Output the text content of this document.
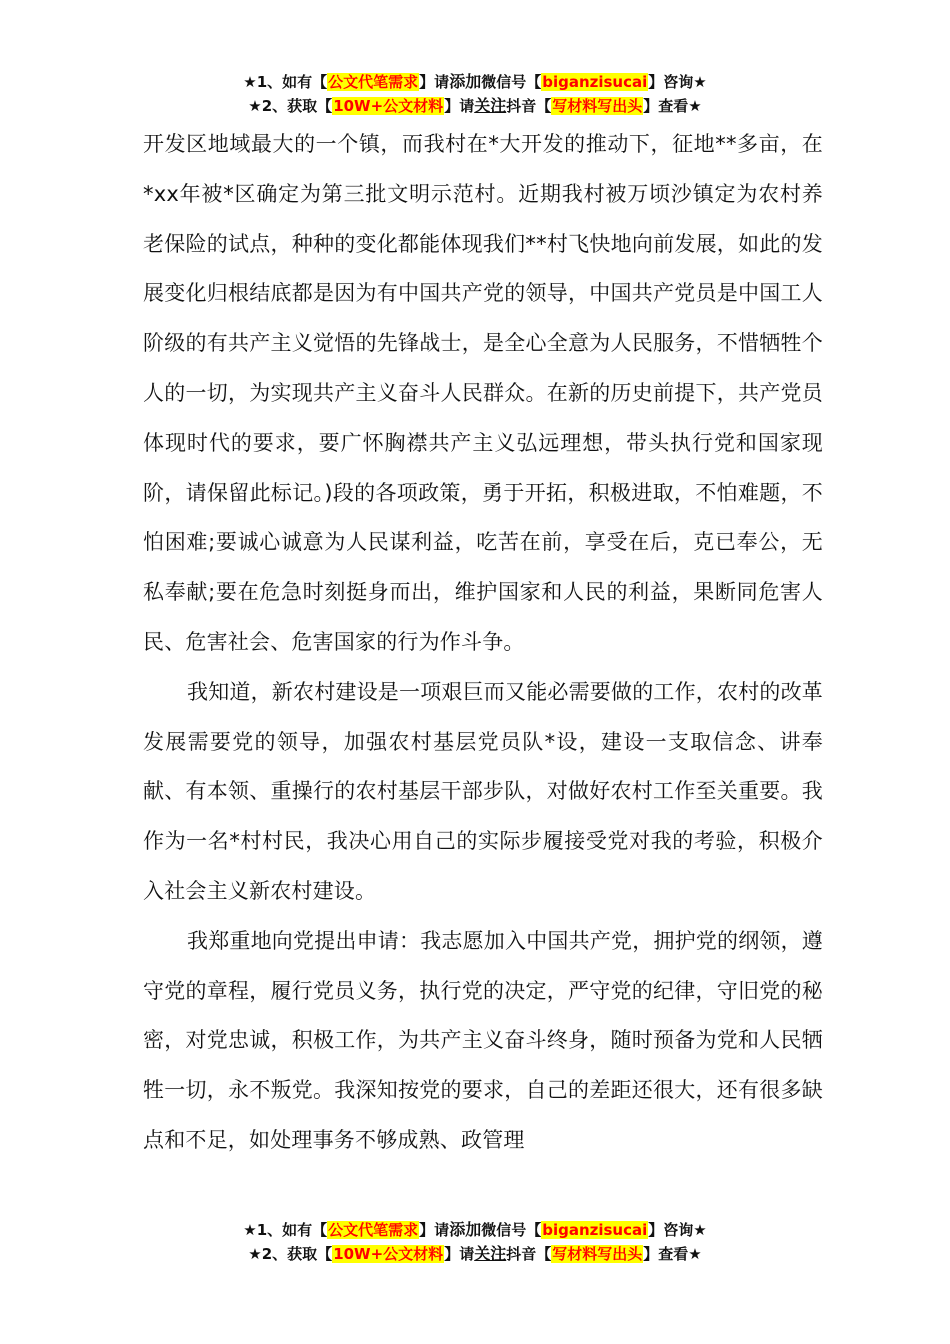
★1、如有【公文代笔需求】请添加微信号【biganzisucai】咨询★
★2、获取【10W+公文材料】请关注抖音【写材料写出头】查看★

开发区地域最大的一个镇，而我村在*大开发的推动下，征地**多亩，在*xx年被*区确定为第三批文明示范村。近期我村被万顷沙镇定为农村养老保险的试点，种种的变化都能体现我们**村飞快地向前发展，如此的发展变化归根结底都是因为有中国共产党的领导，中国共产党员是中国工人阶级的有共产主义觉悟的先锋战士，是全心全意为人民服务，不惜牺牲个人的一切，为实现共产主义奋斗人民群众。在新的历史前提下，共产党员体现时代的要求，要广怀胸襟共产主义弘远理想，带头执行党和国家现阶，请保留此标记。)段的各项政策，勇于开拓，积极进取，不怕难题，不怕困难;要诚心诚意为人民谋利益，吃苦在前，享受在后，克已奉公，无私奉献;要在危急时刻挺身而出，维护国家和人民的利益，果断同危害人民、危害社会、危害国家的行为作斗争。

我知道，新农村建设是一项艰巨而又能必需要做的工作，农村的改革发展需要党的领导，加强农村基层党员队*设，建设一支取信念、讲奉献、有本领、重操行的农村基层干部步队，对做好农村工作至关重要。我作为一名*村村民，我决心用自己的实际步履接受党对我的考验，积极介入社会主义新农村建设。

我郑重地向党提出申请：我志愿加入中国共产党，拥护党的纲领，遵守党的章程，履行党员义务，执行党的决定，严守党的纪律，守旧党的秘密，对党忠诚，积极工作，为共产主义奋斗终身，随时预备为党和人民牺牲一切，永不叛党。我深知按党的要求，自己的差距还很大，还有很多缺点和不足，如处理事务不够成熟、政管理

★1、如有【公文代笔需求】请添加微信号【biganzisucai】咨询★
★2、获取【10W+公文材料】请关注抖音【写材料写出头】查看★
